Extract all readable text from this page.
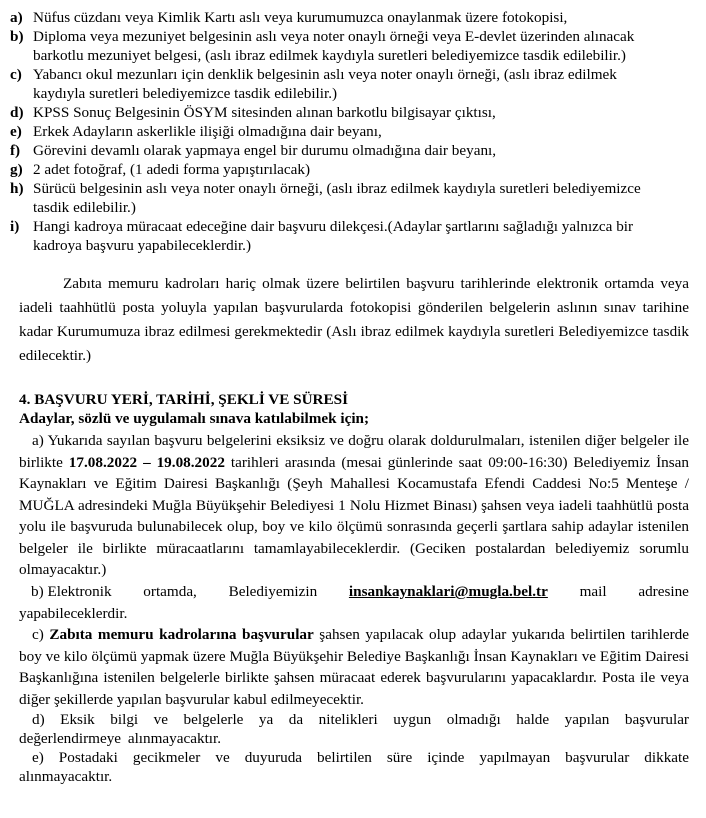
a) Nüfus cüzdanı veya Kimlik Kartı aslı veya kurumumuzca onaylanmak üzere fotokopisi,
b) Diploma veya mezuniyet belgesinin aslı veya noter onaylı örneği veya E-devlet üzerinden alınacak
barkotlu mezuniyet belgesi, (aslı ibraz edilmek kaydıyla suretleri belediyemizce tasdik edilebilir.)
c) Yabancı okul mezunları için denklik belgesinin aslı veya noter onaylı örneği, (aslı ibraz edilmek
kaydıyla suretleri belediyemizce tasdik edilebilir.)
d) KPSS Sonuç Belgesinin ÖSYM sitesinden alınan barkotlu bilgisayar çıktısı,
e) Erkek Adayların askerlikle ilişiği olmadığına dair beyanı,
f) Görevini devamlı olarak yapmaya engel bir durumu olmadığına dair beyanı,
g) 2 adet fotoğraf, (1 adedi forma yapıştırılacak)
h) Sürücü belgesinin aslı veya noter onaylı örneği, (aslı ibraz edilmek kaydıyla suretleri belediyemizce
tasdik edilebilir.)
i) Hangi kadroya müracaat edeceğine dair başvuru dilekçesi.(Adaylar şartlarını sağladığı yalnızca bir
kadroya başvuru yapabileceklerdir.)
Zabıta memuru kadroları hariç olmak üzere belirtilen başvuru tarihlerinde elektronik ortamda veya iadeli taahhütlü posta yoluyla yapılan başvurularda fotokopisi gönderilen belgelerin aslının sınav tarihine kadar Kurumumuza ibraz edilmesi gerekmektedir (Aslı ibraz edilmek kaydıyla suretleri Belediyemizce tasdik edilecektir.)
4. BAŞVURU YERİ, TARİHİ, ŞEKLİ VE SÜRESİ
Adaylar, sözlü ve uygulamalı sınava katılabilmek için;
a) Yukarıda sayılan başvuru belgelerini eksiksiz ve doğru olarak doldurulmaları, istenilen diğer belgeler ile birlikte 17.08.2022 – 19.08.2022 tarihleri arasında (mesai günlerinde saat 09:00-16:30) Belediyemiz İnsan Kaynakları ve Eğitim Dairesi Başkanlığı (Şeyh Mahallesi Kocamustafa Efendi Caddesi No:5 Menteşe / MUĞLA adresindeki Muğla Büyükşehir Belediyesi 1 Nolu Hizmet Binası) şahsen veya iadeli taahhütlü posta yolu ile başvuruda bulunabilecek olup, boy ve kilo ölçümü sonrasında geçerli şartlara sahip adaylar istenilen belgeler ile birlikte müracaatlarını tamamlayabileceklerdir. (Geciken postalardan belediyemiz sorumlu olmayacaktır.)
b) Elektronik ortamda, Belediyemizin insankaynaklari@mugla.bel.tr mail adresine
yapabileceklerdir.
c) Zabıta memuru kadrolarına başvurular şahsen yapılacak olup adaylar yukarıda belirtilen tarihlerde boy ve kilo ölçümü yapmak üzere Muğla Büyükşehir Belediye Başkanlığı İnsan Kaynakları ve Eğitim Dairesi Başkanlığına istenilen belgelerle birlikte şahsen müracaat ederek başvurularını yapacaklardır. Posta ile veya diğer şekillerde yapılan başvurular kabul edilmeyecektir.
d) Eksik bilgi ve belgelerle ya da nitelikleri uygun olmadığı halde yapılan başvurular değerlendirmeye alınmayacaktır.
e) Postadaki gecikmeler ve duyuruda belirtilen süre içinde yapılmayan başvurular dikkate alınmayacaktır.
